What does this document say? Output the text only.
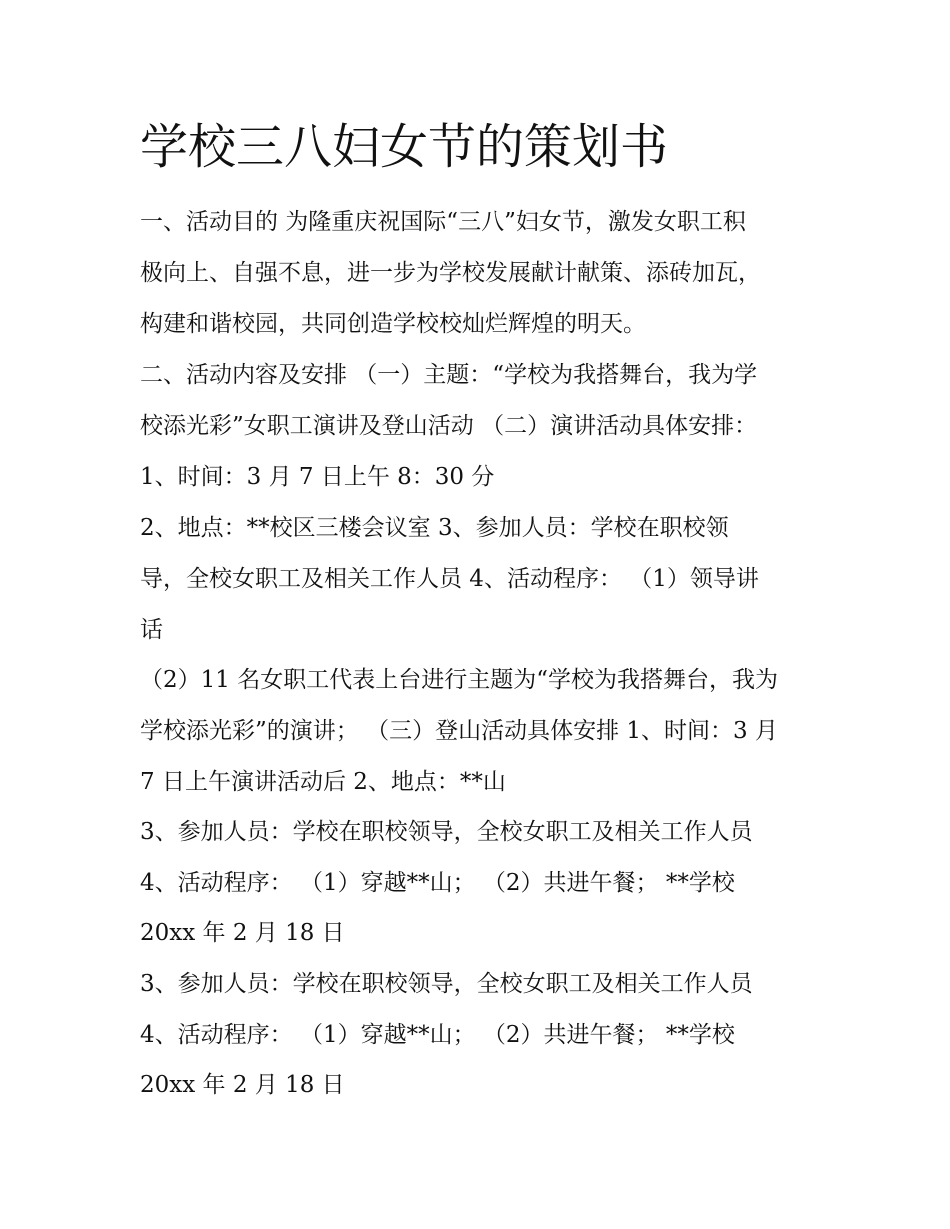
学校三八妇女节的策划书

一、活动目的 为隆重庆祝国际“三八”妇女节，激发女职工积

极向上、自强不息，进一步为学校发展献计献策、添砖加瓦，

构建和谐校园，共同创造学校校灿烂辉煌的明天。

二、活动内容及安排 （一）主题：“学校为我搭舞台，我为学

校添光彩”女职工演讲及登山活动 （二）演讲活动具体安排：

1、时间：3 月 7 日上午 8：30 分

2、地点：**校区三楼会议室 3、参加人员：学校在职校领

导，全校女职工及相关工作人员 4、活动程序： （1）领导讲

话

（2）11 名女职工代表上台进行主题为“学校为我搭舞台，我为

学校添光彩”的演讲； （三）登山活动具体安排 1、时间：3 月

7 日上午演讲活动后 2、地点：**山

3、参加人员：学校在职校领导，全校女职工及相关工作人员

4、活动程序： （1）穿越**山； （2）共进午餐； **学校

20xx 年 2 月 18 日

3、参加人员：学校在职校领导，全校女职工及相关工作人员

4、活动程序： （1）穿越**山； （2）共进午餐； **学校

20xx 年 2 月 18 日
